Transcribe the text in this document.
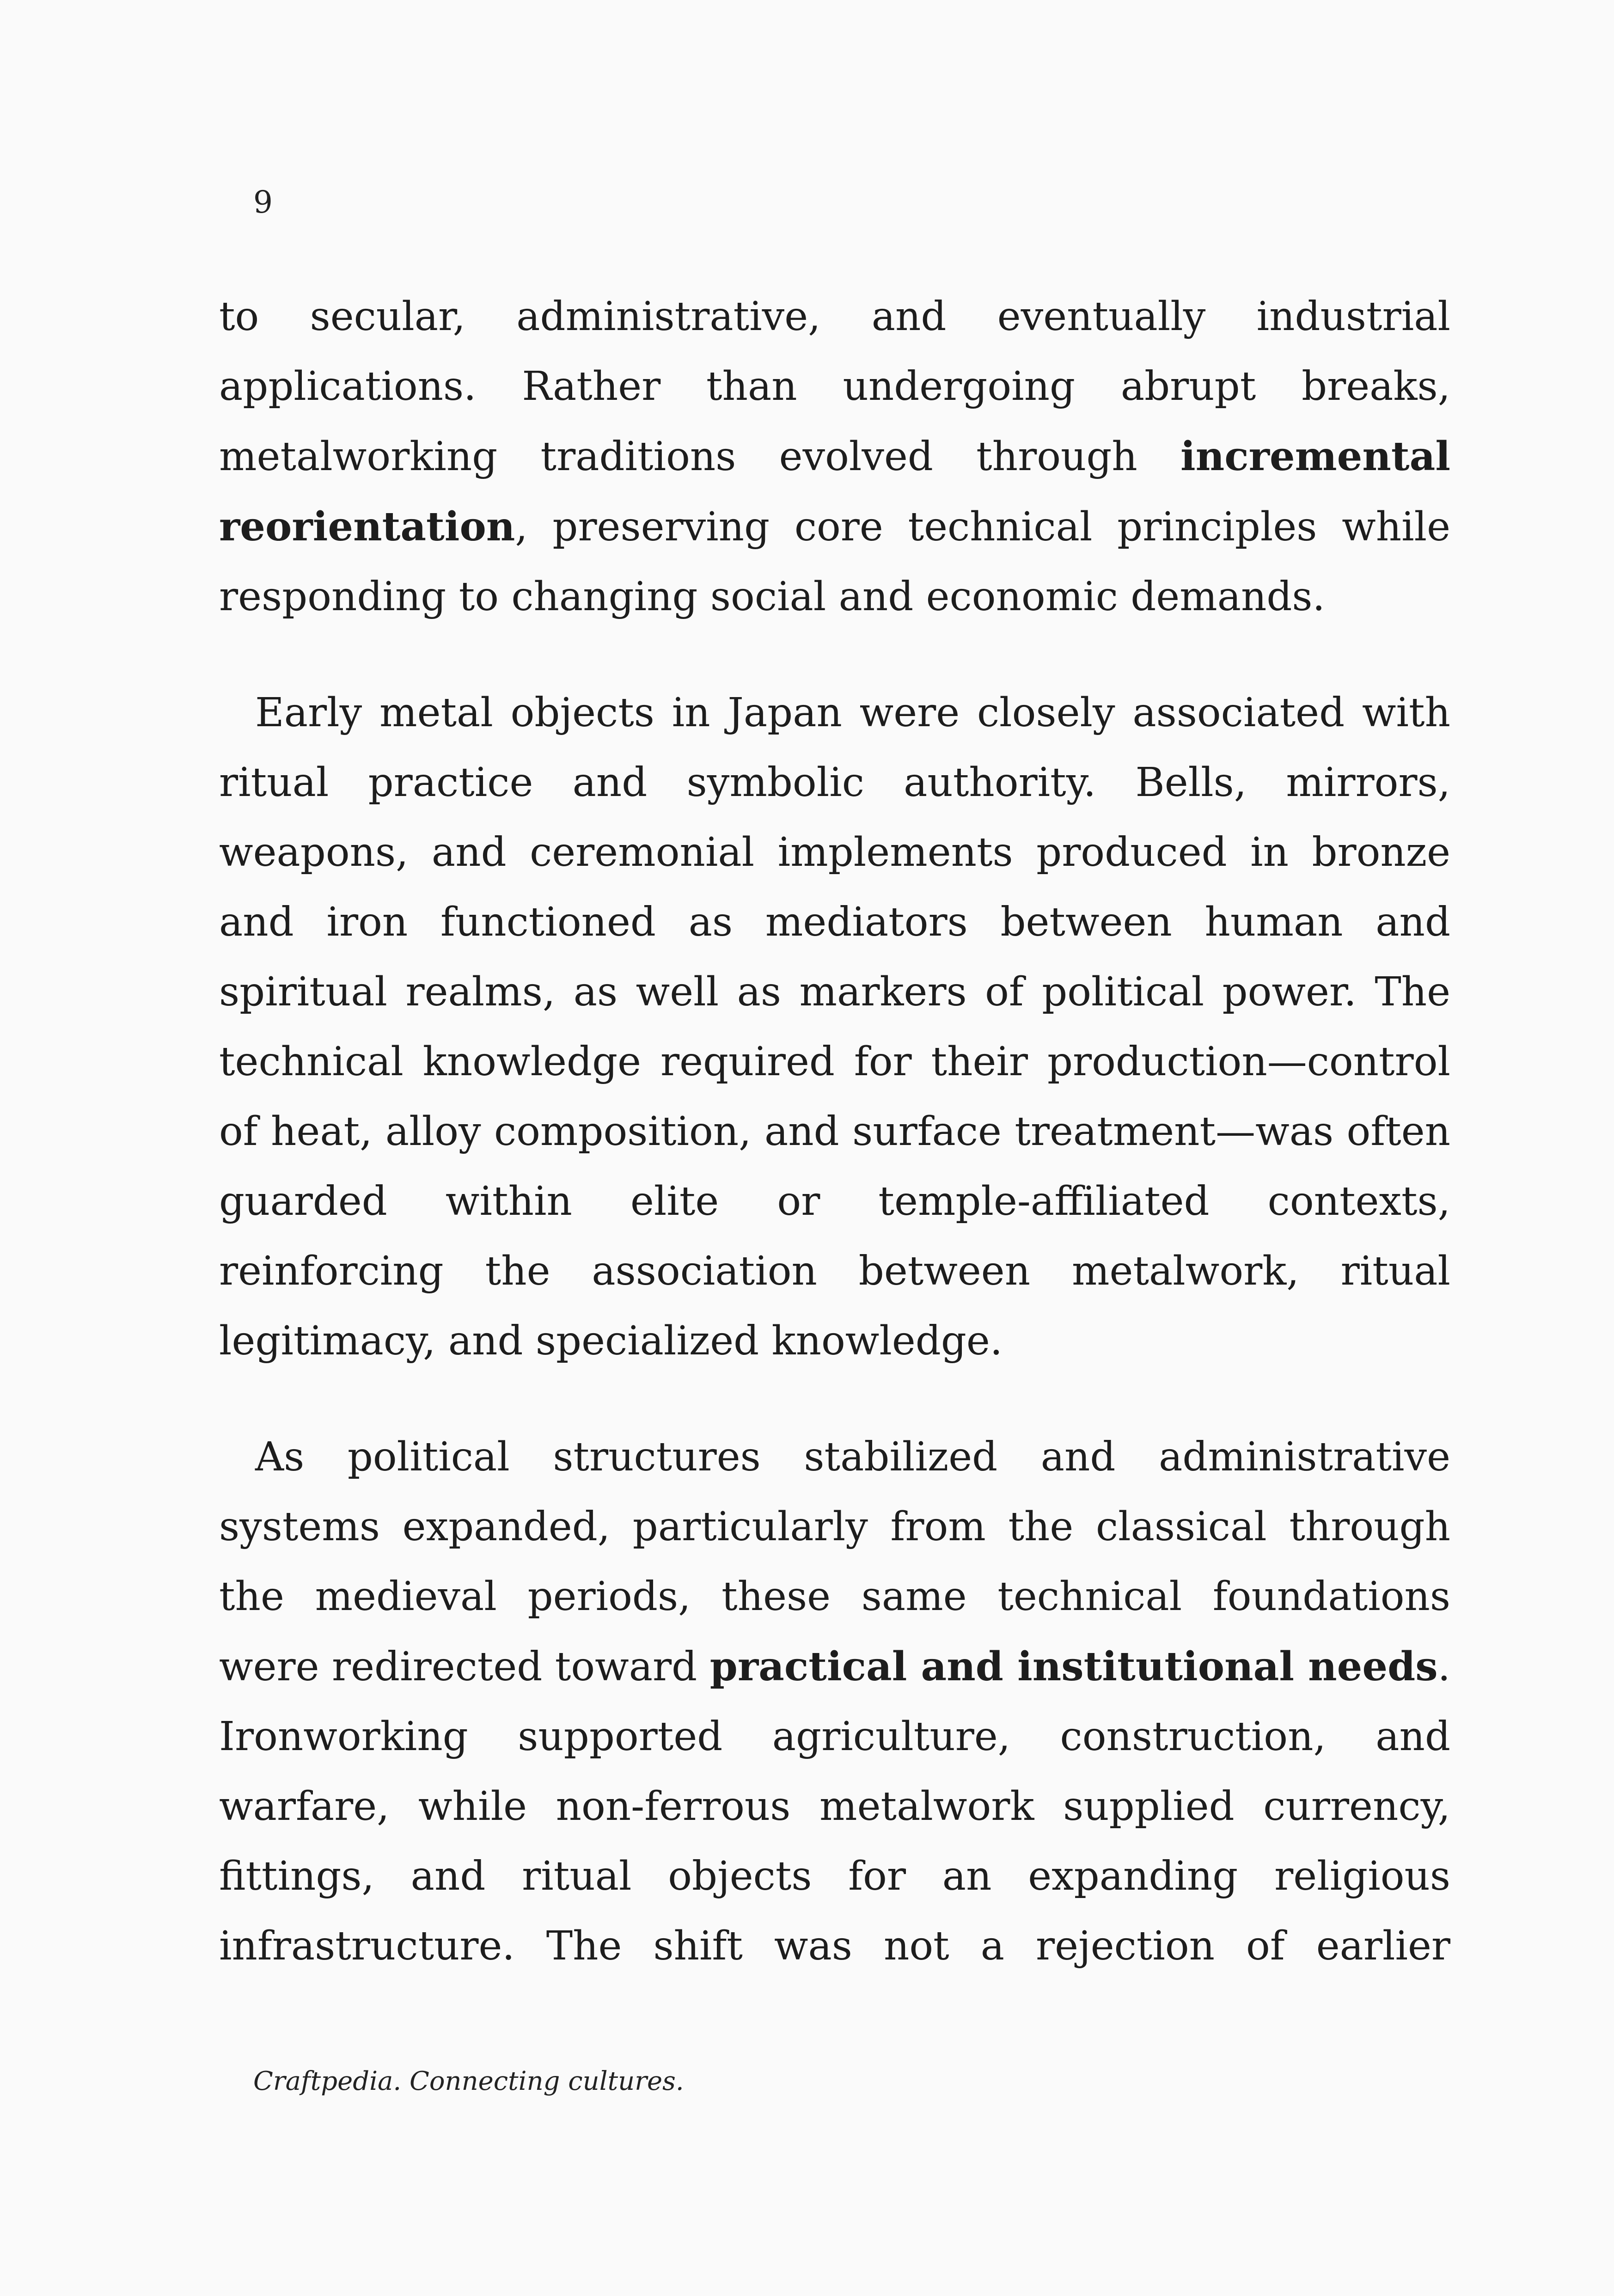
9

to secular, administrative, and eventually industrial applications. Rather than undergoing abrupt breaks, metalworking traditions evolved through incremental reorientation, preserving core technical principles while responding to changing social and economic demands.

Early metal objects in Japan were closely associated with ritual practice and symbolic authority. Bells, mirrors, weapons, and ceremonial implements produced in bronze and iron functioned as mediators between human and spiritual realms, as well as markers of political power. The technical knowledge required for their production—control of heat, alloy composition, and surface treatment—was often guarded within elite or temple-affiliated contexts, reinforcing the association between metalwork, ritual legitimacy, and specialized knowledge.

As political structures stabilized and administrative systems expanded, particularly from the classical through the medieval periods, these same technical foundations were redirected toward practical and institutional needs. Ironworking supported agriculture, construction, and warfare, while non-ferrous metalwork supplied currency, fittings, and ritual objects for an expanding religious infrastructure. The shift was not a rejection of earlier

Craftpedia. Connecting cultures.
